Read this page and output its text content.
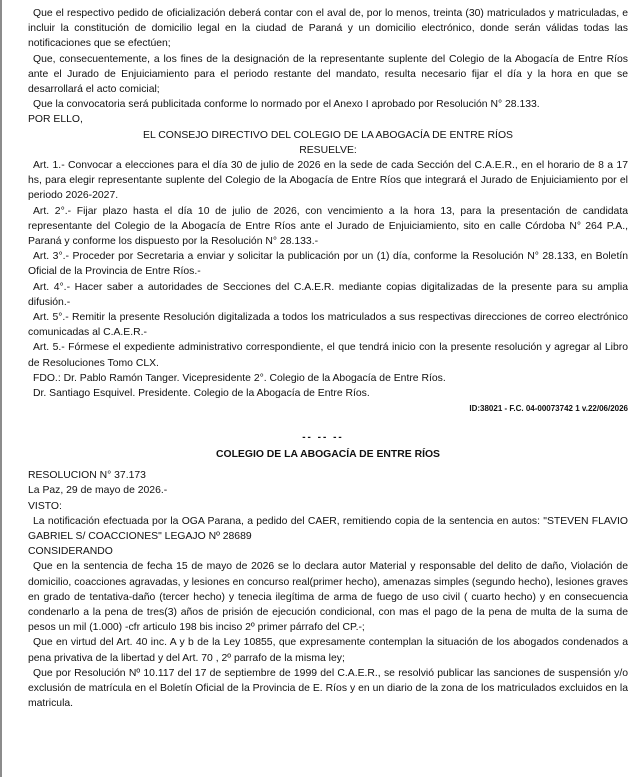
Que el respectivo pedido de oficialización deberá contar con el aval de, por lo menos, treinta (30) matriculados y matriculadas, e incluir la constitución de domicilio legal en la ciudad de Paraná y un domicilio electrónico, donde serán válidas todas las notificaciones que se efectúen;

Que, consecuentemente, a los fines de la designación de la representante suplente del Colegio de la Abogacía de Entre Ríos ante el Jurado de Enjuiciamiento para el periodo restante del mandato, resulta necesario fijar el día y la hora en que se desarrollará el acto comicial;

Que la convocatoria será publicitada conforme lo normado por el Anexo I aprobado por Resolución N° 28.133.

POR ELLO,

EL CONSEJO DIRECTIVO DEL COLEGIO DE LA ABOGACÍA DE ENTRE RÍOS

RESUELVE:

Art. 1.- Convocar a elecciones para el día 30 de julio de 2026 en la sede de cada Sección del C.A.E.R., en el horario de 8 a 17 hs, para elegir representante suplente del Colegio de la Abogacía de Entre Ríos que integrará el Jurado de Enjuiciamiento por el periodo 2026-2027.

Art. 2°.- Fijar plazo hasta el día 10 de julio de 2026, con vencimiento a la hora 13, para la presentación de candidata representante del Colegio de la Abogacía de Entre Ríos ante el Jurado de Enjuiciamiento, sito en calle Córdoba N° 264 P.A., Paraná y conforme los dispuesto por la Resolución N° 28.133.-

Art. 3°.- Proceder por Secretaria a enviar y solicitar la publicación por un (1) día, conforme la Resolución N° 28.133, en Boletín Oficial de la Provincia de Entre Ríos.-

Art. 4°.- Hacer saber a autoridades de Secciones del C.A.E.R. mediante copias digitalizadas de la presente para su amplia difusión.-

Art. 5°.- Remitir la presente Resolución digitalizada a todos los matriculados a sus respectivas direcciones de correo electrónico comunicadas al C.A.E.R.-

Art. 5.- Fórmese el expediente administrativo correspondiente, el que tendrá inicio con la presente resolución y agregar al Libro de Resoluciones Tomo CLX.

FDO.: Dr. Pablo Ramón Tanger. Vicepresidente 2°. Colegio de la Abogacía de Entre Ríos.

Dr. Santiago Esquivel. Presidente. Colegio de la Abogacía de Entre Ríos.

ID:38021 - F.C. 04-00073742 1 v.22/06/2026

-- -- --

COLEGIO DE LA ABOGACÍA DE ENTRE RÍOS

RESOLUCION N° 37.173

La Paz, 29 de mayo de 2026.-

VISTO:

La notificación efectuada por la OGA Parana, a pedido del CAER, remitiendo copia de la sentencia en autos: "STEVEN FLAVIO GABRIEL S/ COACCIONES" LEGAJO Nº 28689

CONSIDERANDO

Que en la sentencia de fecha 15 de mayo de 2026 se lo declara autor Material y responsable del delito de daño, Violación de domicilio, coacciones agravadas, y lesiones en concurso real(primer hecho), amenazas simples (segundo hecho), lesiones graves en grado de tentativa-daño (tercer hecho) y tenecia ilegítima de arma de fuego de uso civil ( cuarto hecho) y en consecuencia condenarlo a la pena de tres(3) años de prisión de ejecución condicional, con mas el pago de la pena de multa de la suma de pesos un mil (1.000) -cfr articulo 198 bis inciso 2º primer párrafo del CP.-;

Que en virtud del Art. 40 inc. A y b de la Ley 10855, que expresamente contemplan la situación de los abogados condenados a pena privativa de la libertad y del Art. 70 , 2º parrafo de la misma ley;

Que por Resolución Nº 10.117 del 17 de septiembre de 1999 del C.A.E.R., se resolvió publicar las sanciones de suspensión y/o exclusión de matrícula en el Boletín Oficial de la Provincia de E. Ríos y en un diario de la zona de los matriculados excluidos en la matricula.
